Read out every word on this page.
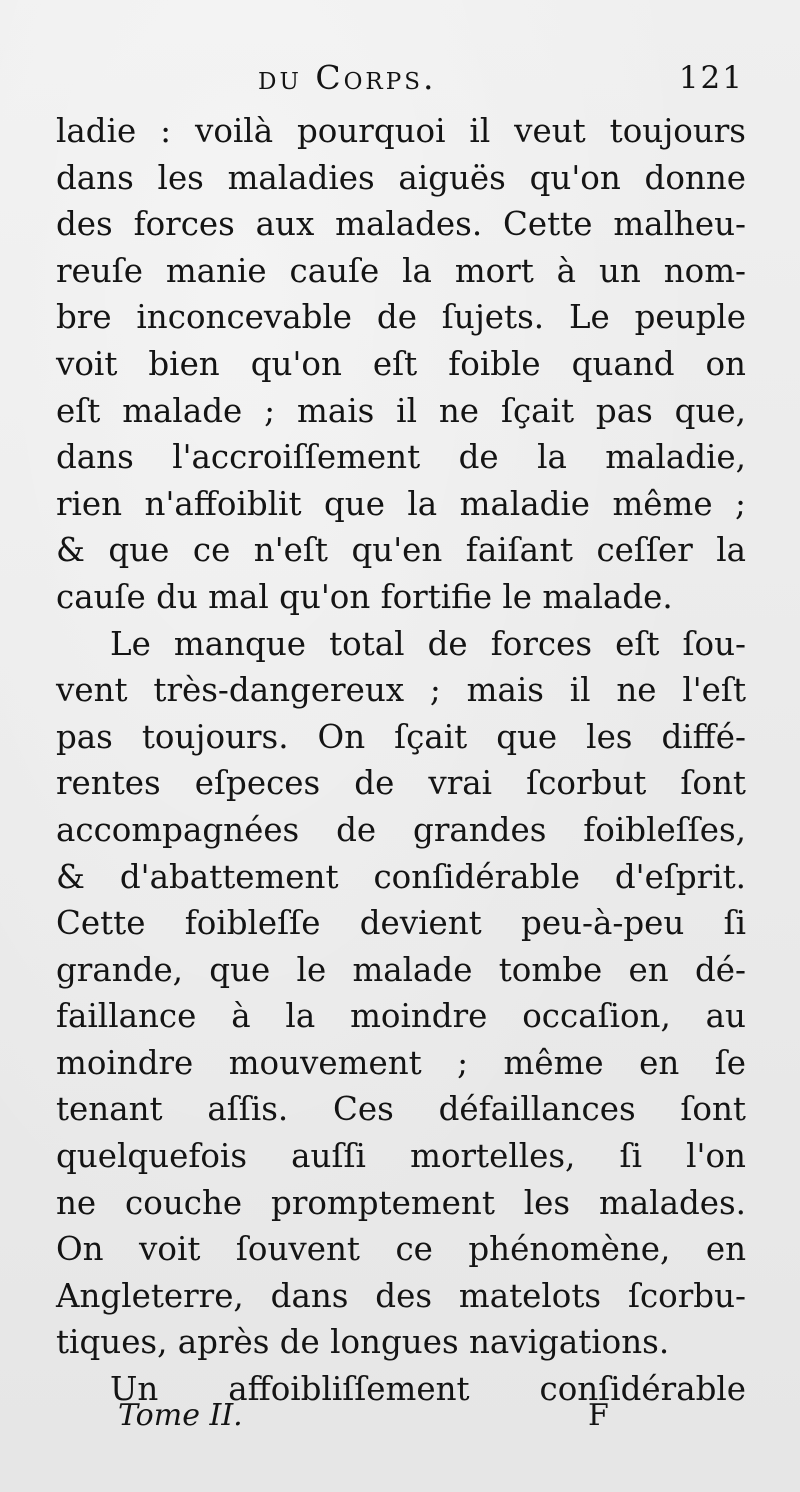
du Corps.	121
ladie : voilà pourquoi il veut toujours
dans les maladies aiguës qu'on donne
des forces aux malades. Cette malheu-
reuſe manie cauſe la mort à un nom-
bre inconcevable de ſujets. Le peuple
voit bien qu'on eſt foible quand on
eſt malade ; mais il ne ſçait pas que,
dans l'accroiſſement de la maladie,
rien n'affoiblit que la maladie même ;
& que ce n'eſt qu'en faiſant ceſſer la
cauſe du mal qu'on fortifie le malade.
Le manque total de forces eſt ſou-
vent très-dangereux ; mais il ne l'eſt
pas toujours. On ſçait que les diffé-
rentes eſpeces de vrai ſcorbut ſont
accompagnées de grandes foibleſſes,
& d'abattement conſidérable d'eſprit.
Cette foibleſſe devient peu-à-peu ſi
grande, que le malade tombe en dé-
faillance à la moindre occaſion, au
moindre mouvement ; même en ſe
tenant aſſis. Ces défaillances ſont
quelquefois auſſi mortelles, ſi l'on
ne couche promptement les malades.
On voit ſouvent ce phénomène, en
Angleterre, dans des matelots ſcorbu-
tiques, après de longues navigations.
Un affoibliſſement conſidérable
Tome II.	F
